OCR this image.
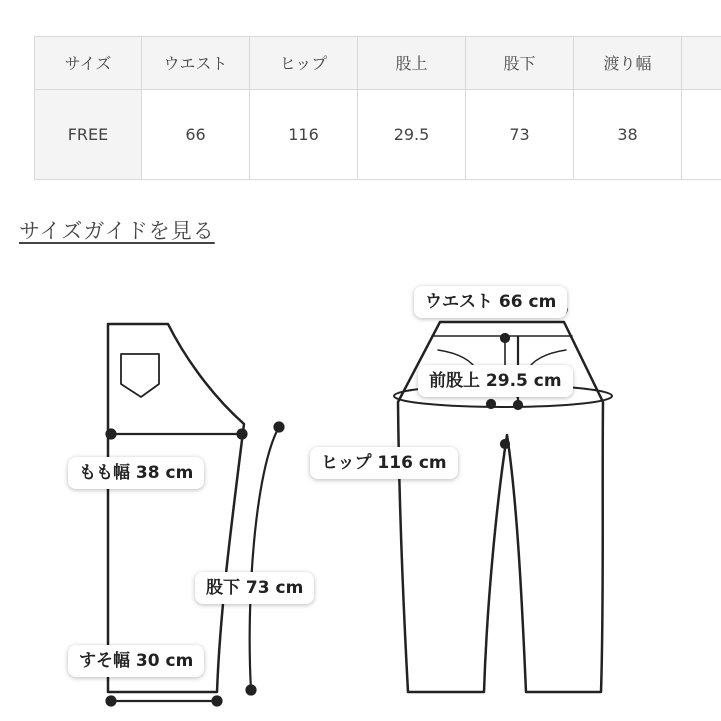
サイズ	ウエスト	ヒップ	股上	股下	渡り幅	
FREE	66	116	29.5	73	38	
サイズガイドを見る
もも幅 38 cm
股下 73 cm
すそ幅 30 cm
ウエスト 66 cm
前股上 29.5 cm
ヒップ 116 cm
